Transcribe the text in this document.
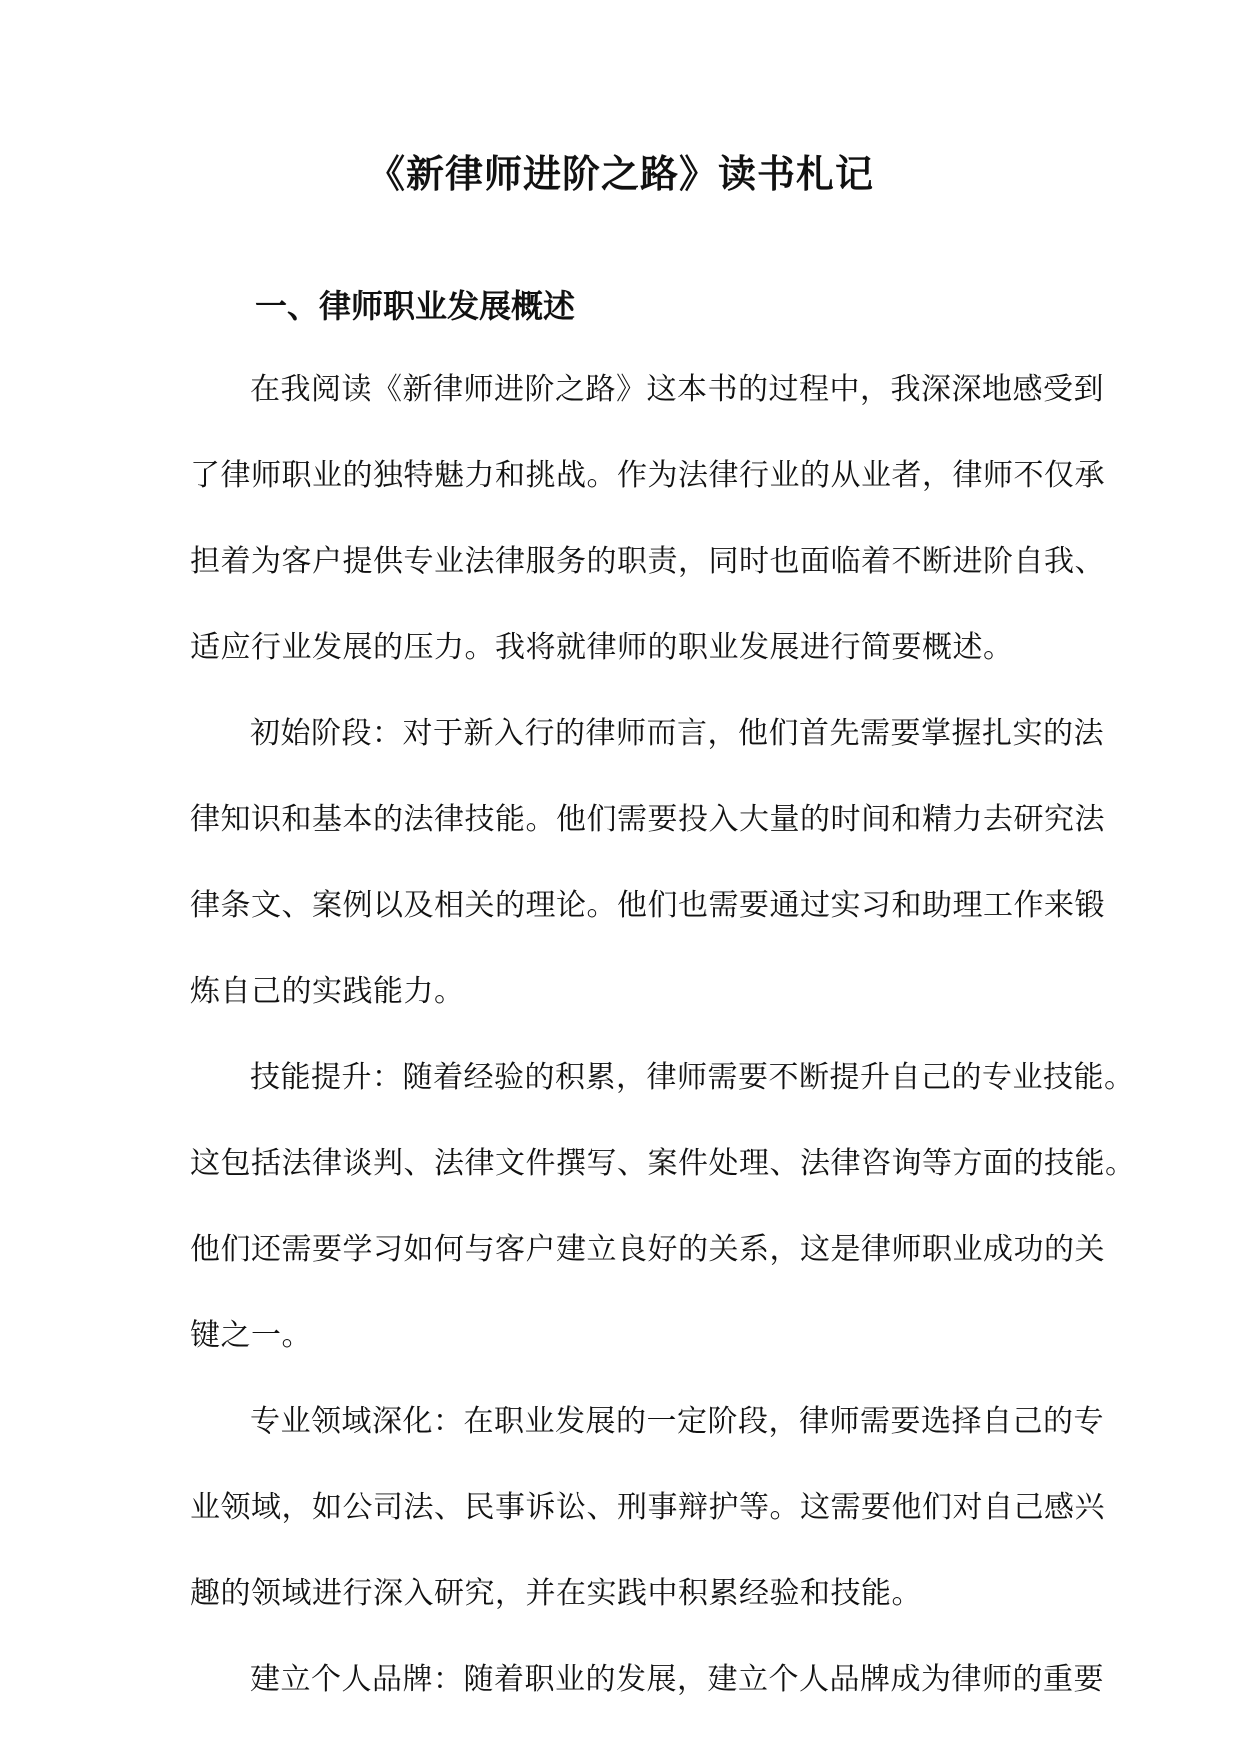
《新律师进阶之路》读书札记
一、律师职业发展概述
在我阅读《新律师进阶之路》这本书的过程中，我深深地感受到
了律师职业的独特魅力和挑战。作为法律行业的从业者，律师不仅承
担着为客户提供专业法律服务的职责，同时也面临着不断进阶自我、
适应行业发展的压力。我将就律师的职业发展进行简要概述。
初始阶段：对于新入行的律师而言，他们首先需要掌握扎实的法
律知识和基本的法律技能。他们需要投入大量的时间和精力去研究法
律条文、案例以及相关的理论。他们也需要通过实习和助理工作来锻
炼自己的实践能力。
技能提升：随着经验的积累，律师需要不断提升自己的专业技能。
这包括法律谈判、法律文件撰写、案件处理、法律咨询等方面的技能。
他们还需要学习如何与客户建立良好的关系，这是律师职业成功的关
键之一。
专业领域深化：在职业发展的一定阶段，律师需要选择自己的专
业领域，如公司法、民事诉讼、刑事辩护等。这需要他们对自己感兴
趣的领域进行深入研究，并在实践中积累经验和技能。
建立个人品牌：随着职业的发展，建立个人品牌成为律师的重要
